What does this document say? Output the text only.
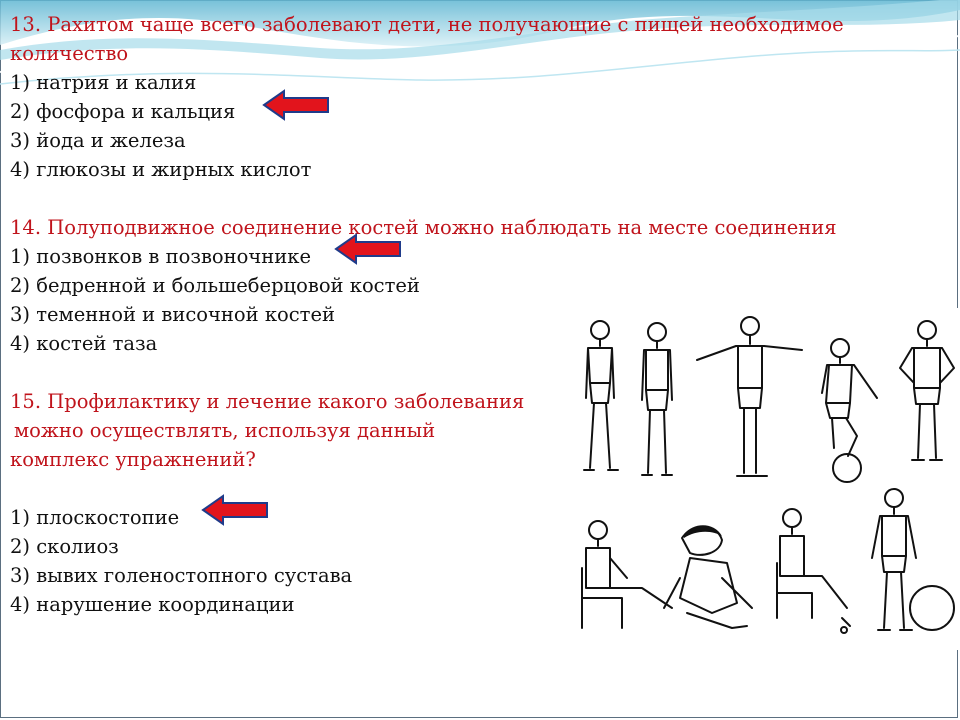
13. Рахитом чаще всего заболевают дети, не получающие с пищей необходимое
количество
1) натрия и калия
2) фосфора и кальция
3) йода и железа
4) глюкозы и жирных кислот
14. Полуподвижное соединение костей можно наблюдать на месте соединения
1) позвонков в позвоночнике
2) бедренной и большеберцовой костей
3) теменной и височной костей
4) костей таза
15. Профилактику и лечение какого заболевания
можно осуществлять, используя данный
комплекс упражнений?
1) плоскостопие
2) сколиоз
3) вывих голеностопного сустава
4) нарушение координации
